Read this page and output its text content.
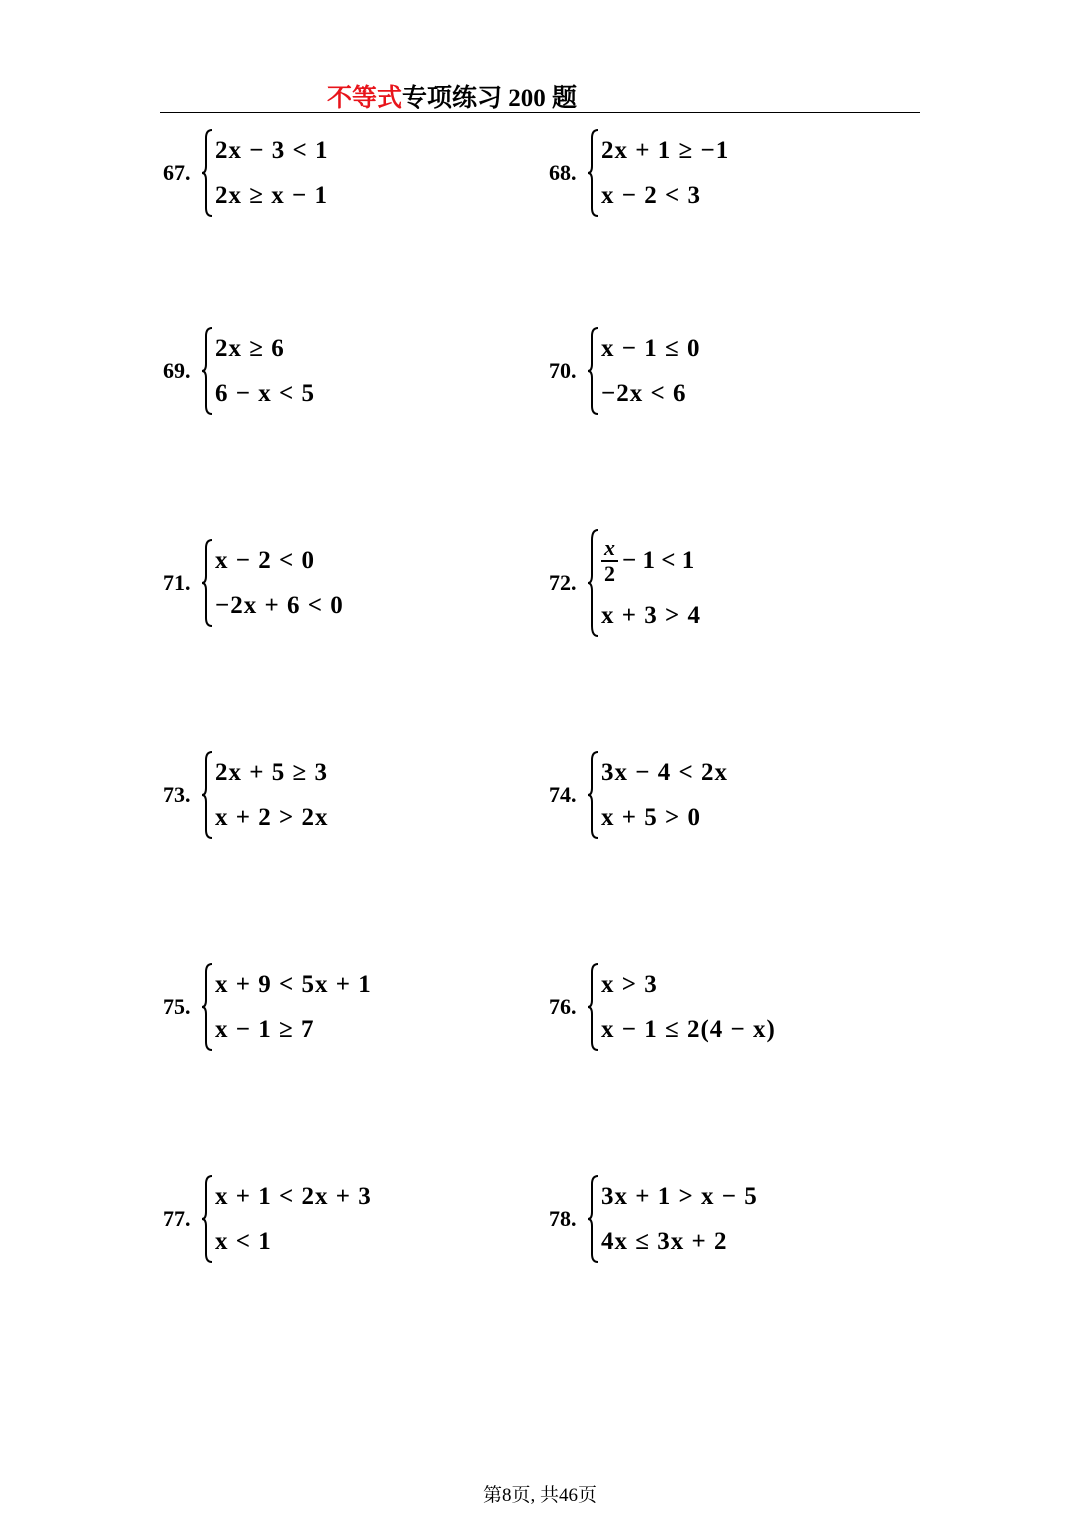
不等式专项练习 200 题
67.
2x − 3 < 1
2x ≥ x − 1
68.
2x + 1 ≥ −1
x − 2 < 3
69.
2x ≥ 6
6 − x < 5
70.
x − 1 ≤ 0
−2x < 6
71.
x − 2 < 0
−2x + 6 < 0
72. $\frac{x}{2} - 1 < 1$
x + 3 > 4
73.
2x + 5 ≥ 3
x + 2 > 2x
74.
3x − 4 < 2x
x + 5 > 0
75.
x + 9 < 5x + 1
x − 1 ≥ 7
76.
x > 3
x − 1 ≤ 2(4 − x)
77.
x + 1 < 2x + 3
x < 1
78.
3x + 1 > x − 5
4x ≤ 3x + 2
第8页, 共46页
